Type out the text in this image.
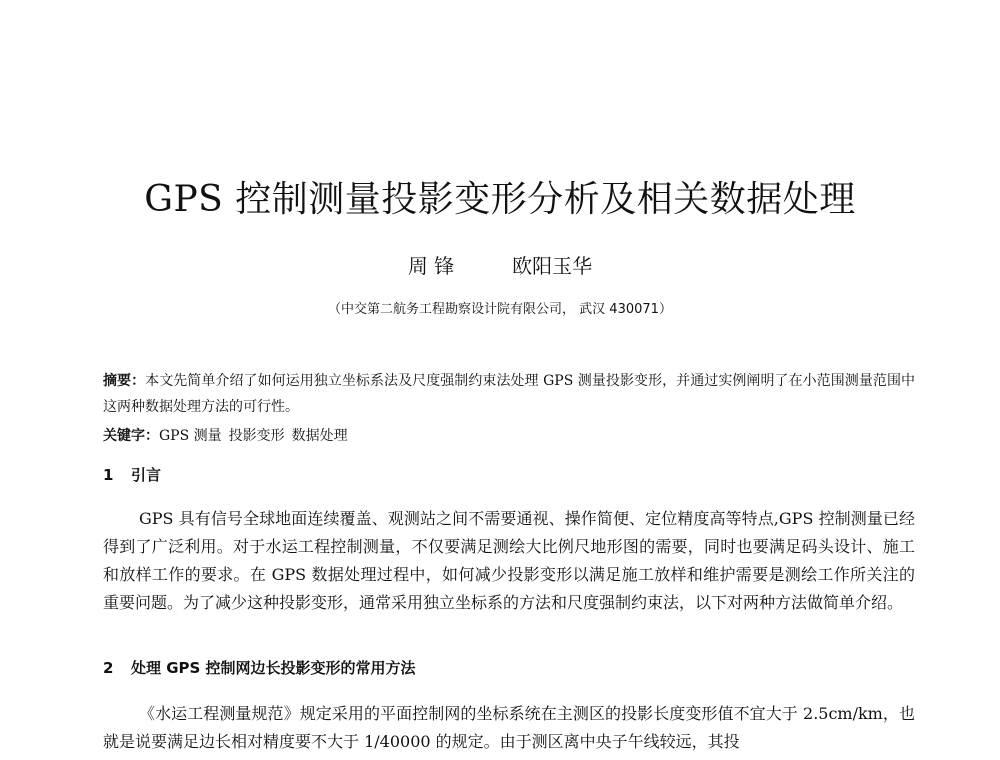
GPS 控制测量投影变形分析及相关数据处理
周 锋	欧阳玉华
（中交第二航务工程勘察设计院有限公司， 武汉 430071）
摘要：本文先简单介绍了如何运用独立坐标系法及尺度强制约束法处理 GPS 测量投影变形，并通过实例阐明了在小范围测量范围中这两种数据处理方法的可行性。
关键字：GPS 测量 投影变形 数据处理
1 引言
GPS 具有信号全球地面连续覆盖、观测站之间不需要通视、操作简便、定位精度高等特点,GPS 控制测量已经得到了广泛利用。对于水运工程控制测量，不仅要满足测绘大比例尺地形图的需要，同时也要满足码头设计、施工和放样工作的要求。在 GPS 数据处理过程中，如何减少投影变形以满足施工放样和维护需要是测绘工作所关注的重要问题。为了减少这种投影变形，通常采用独立坐标系的方法和尺度强制约束法，以下对两种方法做简单介绍。
2 处理 GPS 控制网边长投影变形的常用方法
《水运工程测量规范》规定采用的平面控制网的坐标系统在主测区的投影长度变形值不宜大于 2.5cm/km，也就是说要满足边长相对精度要不大于 1/40000 的规定。由于测区离中央子午线较远，其投
